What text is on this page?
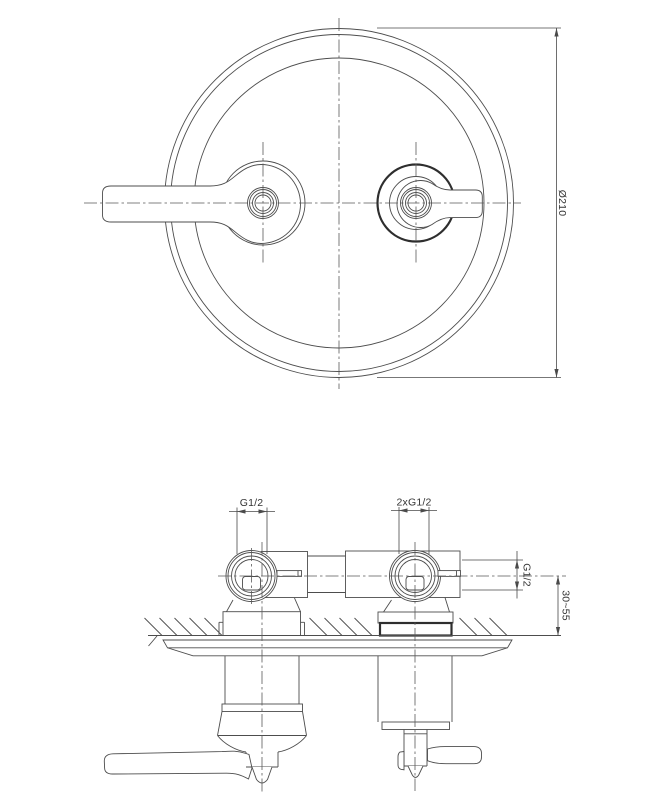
Ø210
G1/2	2xG1/2
G1/2
30~55
